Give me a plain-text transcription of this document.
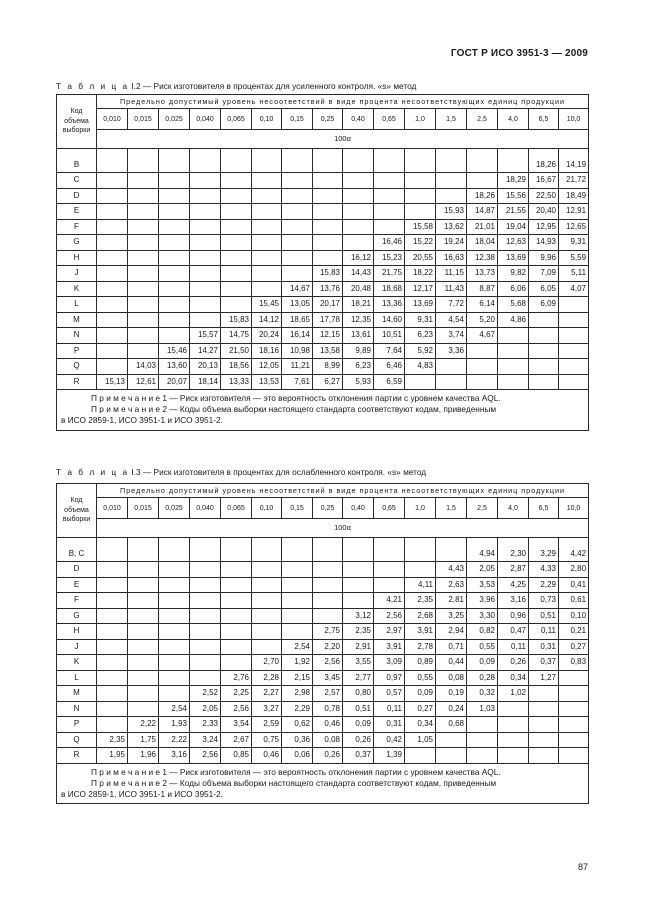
ГОСТ Р ИСО 3951-3 — 2009
Т а б л и ц а I.2 — Риск изготовителя в процентах для усиленного контроля. «s» метод
Код объема выборки	Предельно допустимый уровень несоответствий в виде процента несоответствующих единиц продукции															
	0,010	0,015	0,025	0,040	0,065	0,10	0,15	0,25	0,40	0,65	1,0	1,5	2,5	4,0	6,5	10,0
	100α															
B															18,26	14,19
C														18,29	16,67	21,72
D													18,26	15,56	22,50	18,49
E												15,93	14,87	21,55	20,40	12,91
F											15,58	13,62	21,01	19,04	12,95	12,65
G										16,46	15,22	19,24	18,04	12,63	14,93	9,31
H									16,12	15,23	20,55	16,63	12,38	13,69	9,96	5,59
J								15,83	14,43	21,75	18,22	11,15	13,73	9,82	7,09	5,11
K							14,67	13,76	20,48	18,68	12,17	11,43	8,87	6,06	6,05	4,07
L						15,45	13,05	20,17	18,21	13,36	13,69	7,72	6,14	5,68	6,09	
M					15,83	14,12	18,65	17,78	12,35	14,60	9,31	4,54	5,20	4,86		
N				15,57	14,75	20,24	16,14	12,15	13,61	10,51	6,23	3,74	4,67			
P			15,46	14,27	21,50	18,16	10,98	13,58	9,89	7,64	5,92	3,36				
Q		14,03	13,60	20,13	18,56	12,05	11,21	8,99	6,23	6,46	4,83					
R	15,13	12,61	20,07	18,14	13,33	13,53	7,61	6,27	5,93	6,59						

П р и м е ч а н и е 1 — Риск изготовителя — это вероятность отклонения партии с уровнем качества AQL.
П р и м е ч а н и е 2 — Коды объема выборки настоящего стандарта соответствуют кодам, приведенным
в ИСО 2859-1, ИСО 3951-1 и ИСО 3951-2.																
Т а б л и ц а I.3 — Риск изготовителя в процентах для ослабленного контроля. «s» метод
Код объема выборки	Предельно допустимый уровень несоответствий в виде процента несоответствующих единиц продукции															
	0,010	0,015	0,025	0,040	0,065	0,10	0,15	0,25	0,40	0,65	1,0	1,5	2,5	4,0	6,5	10,0
	100α															
B, C													4,94	2,30	3,29	4,42
D												4,43	2,05	2,87	4,33	2,80
E											4,11	2,63	3,53	4,25	2,29	0,41
F										4,21	2,35	2,81	3,96	3,16	0,73	0,61
G									3,12	2,56	2,68	3,25	3,30	0,96	0,51	0,10
H								2,75	2,35	2,97	3,91	2,94	0,82	0,47	0,11	0,21
J							2,54	2,20	2,91	3,91	2,78	0,71	0,55	0,11	0,31	0,27
K						2,70	1,92	2,56	3,55	3,09	0,89	0,44	0,09	0,26	0,37	0,83
L					2,76	2,28	2,15	3,45	2,77	0,97	0,55	0,08	0,28	0,34	1,27	
M				2,52	2,25	2,27	2,98	2,57	0,80	0,57	0,09	0,19	0,32	1,02		
N			2,54	2,05	2,56	3,27	2,29	0,78	0,51	0,11	0,27	0,24	1,03			
P		2,22	1,93	2,33	3,54	2,59	0,62	0,46	0,09	0,31	0,34	0,68				
Q	2,35	1,75	2,22	3,24	2,67	0,75	0,36	0,08	0,26	0,42	1,05					
R	1,95	1,96	3,16	2,56	0,85	0,46	0,06	0,26	0,37	1,39						

П р и м е ч а н и е 1 — Риск изготовителя — это вероятность отклонения партии с уровнем качества AQL.
П р и м е ч а н и е 2 — Коды объема выборки настоящего стандарта соответствуют кодам, приведенным
в ИСО 2859-1, ИСО 3951-1 и ИСО 3951-2.																
87
